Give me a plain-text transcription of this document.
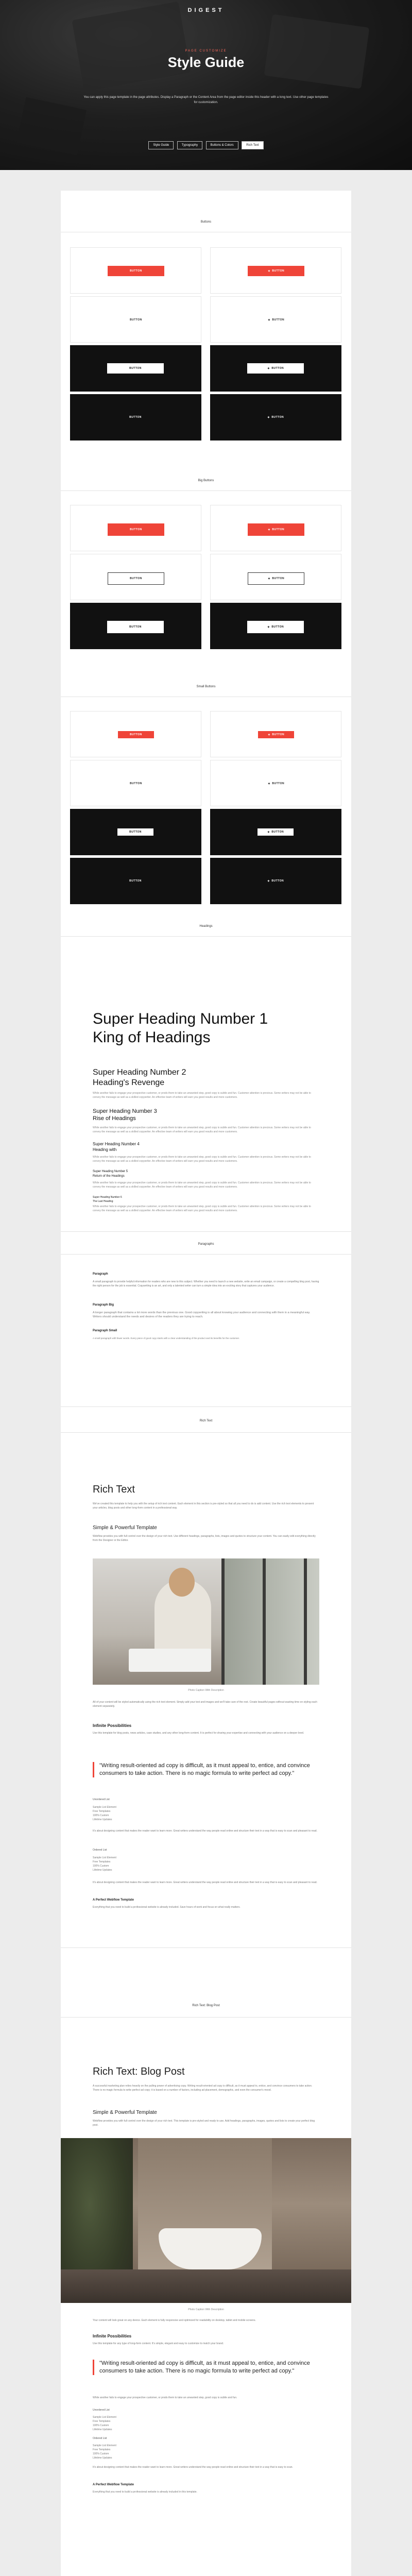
DIGEST
PAGE CUSTOMIZE
Style Guide

You can apply this page template in the page attributes. Display a Paragraph or the Content Area from the page editor inside this header with a long text. Use other page templates for customization.

Style Guide	Typography	Buttons & Colors	Rich Text
Buttons
BUTTON	✦ BUTTON
BUTTON	✦ BUTTON
BUTTON	✦ BUTTON
BUTTON	✦ BUTTON
Big Buttons
BUTTON	✦ BUTTON
BUTTON	✦ BUTTON
BUTTON	✦ BUTTON
Small Buttons
BUTTON	✦ BUTTON
BUTTON	✦ BUTTON
BUTTON	✦ BUTTON
BUTTON	✦ BUTTON
Headings
Super Heading Number 1
King of Headings
Super Heading Number 2
Heading's Revenge

While another fails to engage your prospective customer, or prods them to take an unwanted step, good copy is subtle and fun. Customer attention is precious. Some writers may not be able to convey the message as well as a skilled copywriter. An effective team of writers will earn you good results and more customers.

Super Heading Number 3
Rise of Headings

While another fails to engage your prospective customer, or prods them to take an unwanted step, good copy is subtle and fun. Customer attention is precious. Some writers may not be able to convey the message as well as a skilled copywriter. An effective team of writers will earn you good results and more customers.

Super Heading Number 4
Heading with

While another fails to engage your prospective customer, or prods them to take an unwanted step, good copy is subtle and fun. Customer attention is precious. Some writers may not be able to convey the message as well as a skilled copywriter. An effective team of writers will earn you good results and more customers.

Super Heading Number 5
Return of the Headings

While another fails to engage your prospective customer, or prods them to take an unwanted step, good copy is subtle and fun. Customer attention is precious. Some writers may not be able to convey the message as well as a skilled copywriter. An effective team of writers will earn you good results and more customers.

Super Heading Number 6
The Last Heading

While another fails to engage your prospective customer, or prods them to take an unwanted step, good copy is subtle and fun. Customer attention is precious. Some writers may not be able to convey the message as well as a skilled copywriter. An effective team of writers will earn you good results and more customers.

Paragraphs

Paragraph

A small paragraph to provide helpful information for readers who are new to this subject. Whether you need to launch a new website, write an email campaign, or create a compelling blog post, having the right person for the job is essential. Copywriting is an art, and only a talented writer can turn a simple idea into an exciting story that captures your audience.

Paragraph Big

A longer paragraph that contains a lot more words than the previous one. Good copywriting is all about knowing your audience and connecting with them in a meaningful way. Writers should understand the needs and desires of the readers they are trying to reach.

Paragraph Small

A small paragraph with fewer words. Every piece of good copy starts with a clear understanding of the product and its benefits for the customer.

Rich Text
Rich Text

We've created this template to help you with the setup of rich text content. Each element in this section is pre-styled so that all you need to do is add content. Use the rich text elements to present your articles, blog posts and other long-form content in a professional way.

Simple & Powerful Template

Webflow provides you with full control over the design of your rich text. Use different headings, paragraphs, lists, images and quotes to structure your content. You can easily edit everything directly from the Designer or the Editor.

Photo Caption With Description

All of your content will be styled automatically using the rich text element. Simply add your text and images and we'll take care of the rest. Create beautiful pages without wasting time on styling each element separately.

Infinite Possibilities

Use this template for blog posts, news articles, case studies, and any other long-form content. It is perfect for sharing your expertise and connecting with your audience on a deeper level.

"Writing result-oriented ad copy is difficult, as it must appeal to, entice, and convince consumers to take action. There is no magic formula to write perfect ad copy."

Unordered List

Sample List Element
Free Templates
100% Custom
Lifetime Updates

It's about designing content that makes the reader want to learn more. Great writers understand the way people read online and structure their text in a way that is easy to scan and pleasant to read.

Ordered List

Sample List Element
Free Templates
100% Custom
Lifetime Updates

It's about designing content that makes the reader want to learn more. Great writers understand the way people read online and structure their text in a way that is easy to scan and pleasant to read.

A Perfect Webflow Template

Everything that you need to build a professional website is already included. Save hours of work and focus on what really matters.

Rich Text: Blog Post
Rich Text: Blog Post

A successful marketing plan relies heavily on the pulling power of advertising copy. Writing result-oriented ad copy is difficult, as it must appeal to, entice, and convince consumers to take action. There is no magic formula to write perfect ad copy; it is based on a number of factors, including ad placement, demographic, and even the consumer's mood.

Simple & Powerful Template

Webflow provides you with full control over the design of your rich text. This template is pre-styled and ready to use. Add headings, paragraphs, images, quotes and lists to create your perfect blog post.

Photo Caption With Description

Your content will look great on any device. Each element is fully responsive and optimized for readability on desktop, tablet and mobile screens.

Infinite Possibilities

Use this template for any type of long-form content. It's simple, elegant and easy to customize to match your brand.

"Writing result-oriented ad copy is difficult, as it must appeal to, entice, and convince consumers to take action. There is no magic formula to write perfect ad copy."

While another fails to engage your prospective customer, or prods them to take an unwanted step, good copy is subtle and fun.

Unordered List

Sample List Element
Free Templates
100% Custom
Lifetime Updates

Ordered List

Sample List Element
Free Templates
100% Custom
Lifetime Updates

It's about designing content that makes the reader want to learn more. Great writers understand the way people read online and structure their text in a way that is easy to scan.

A Perfect Webflow Template

Everything that you need to build a professional website is already included in this template.
